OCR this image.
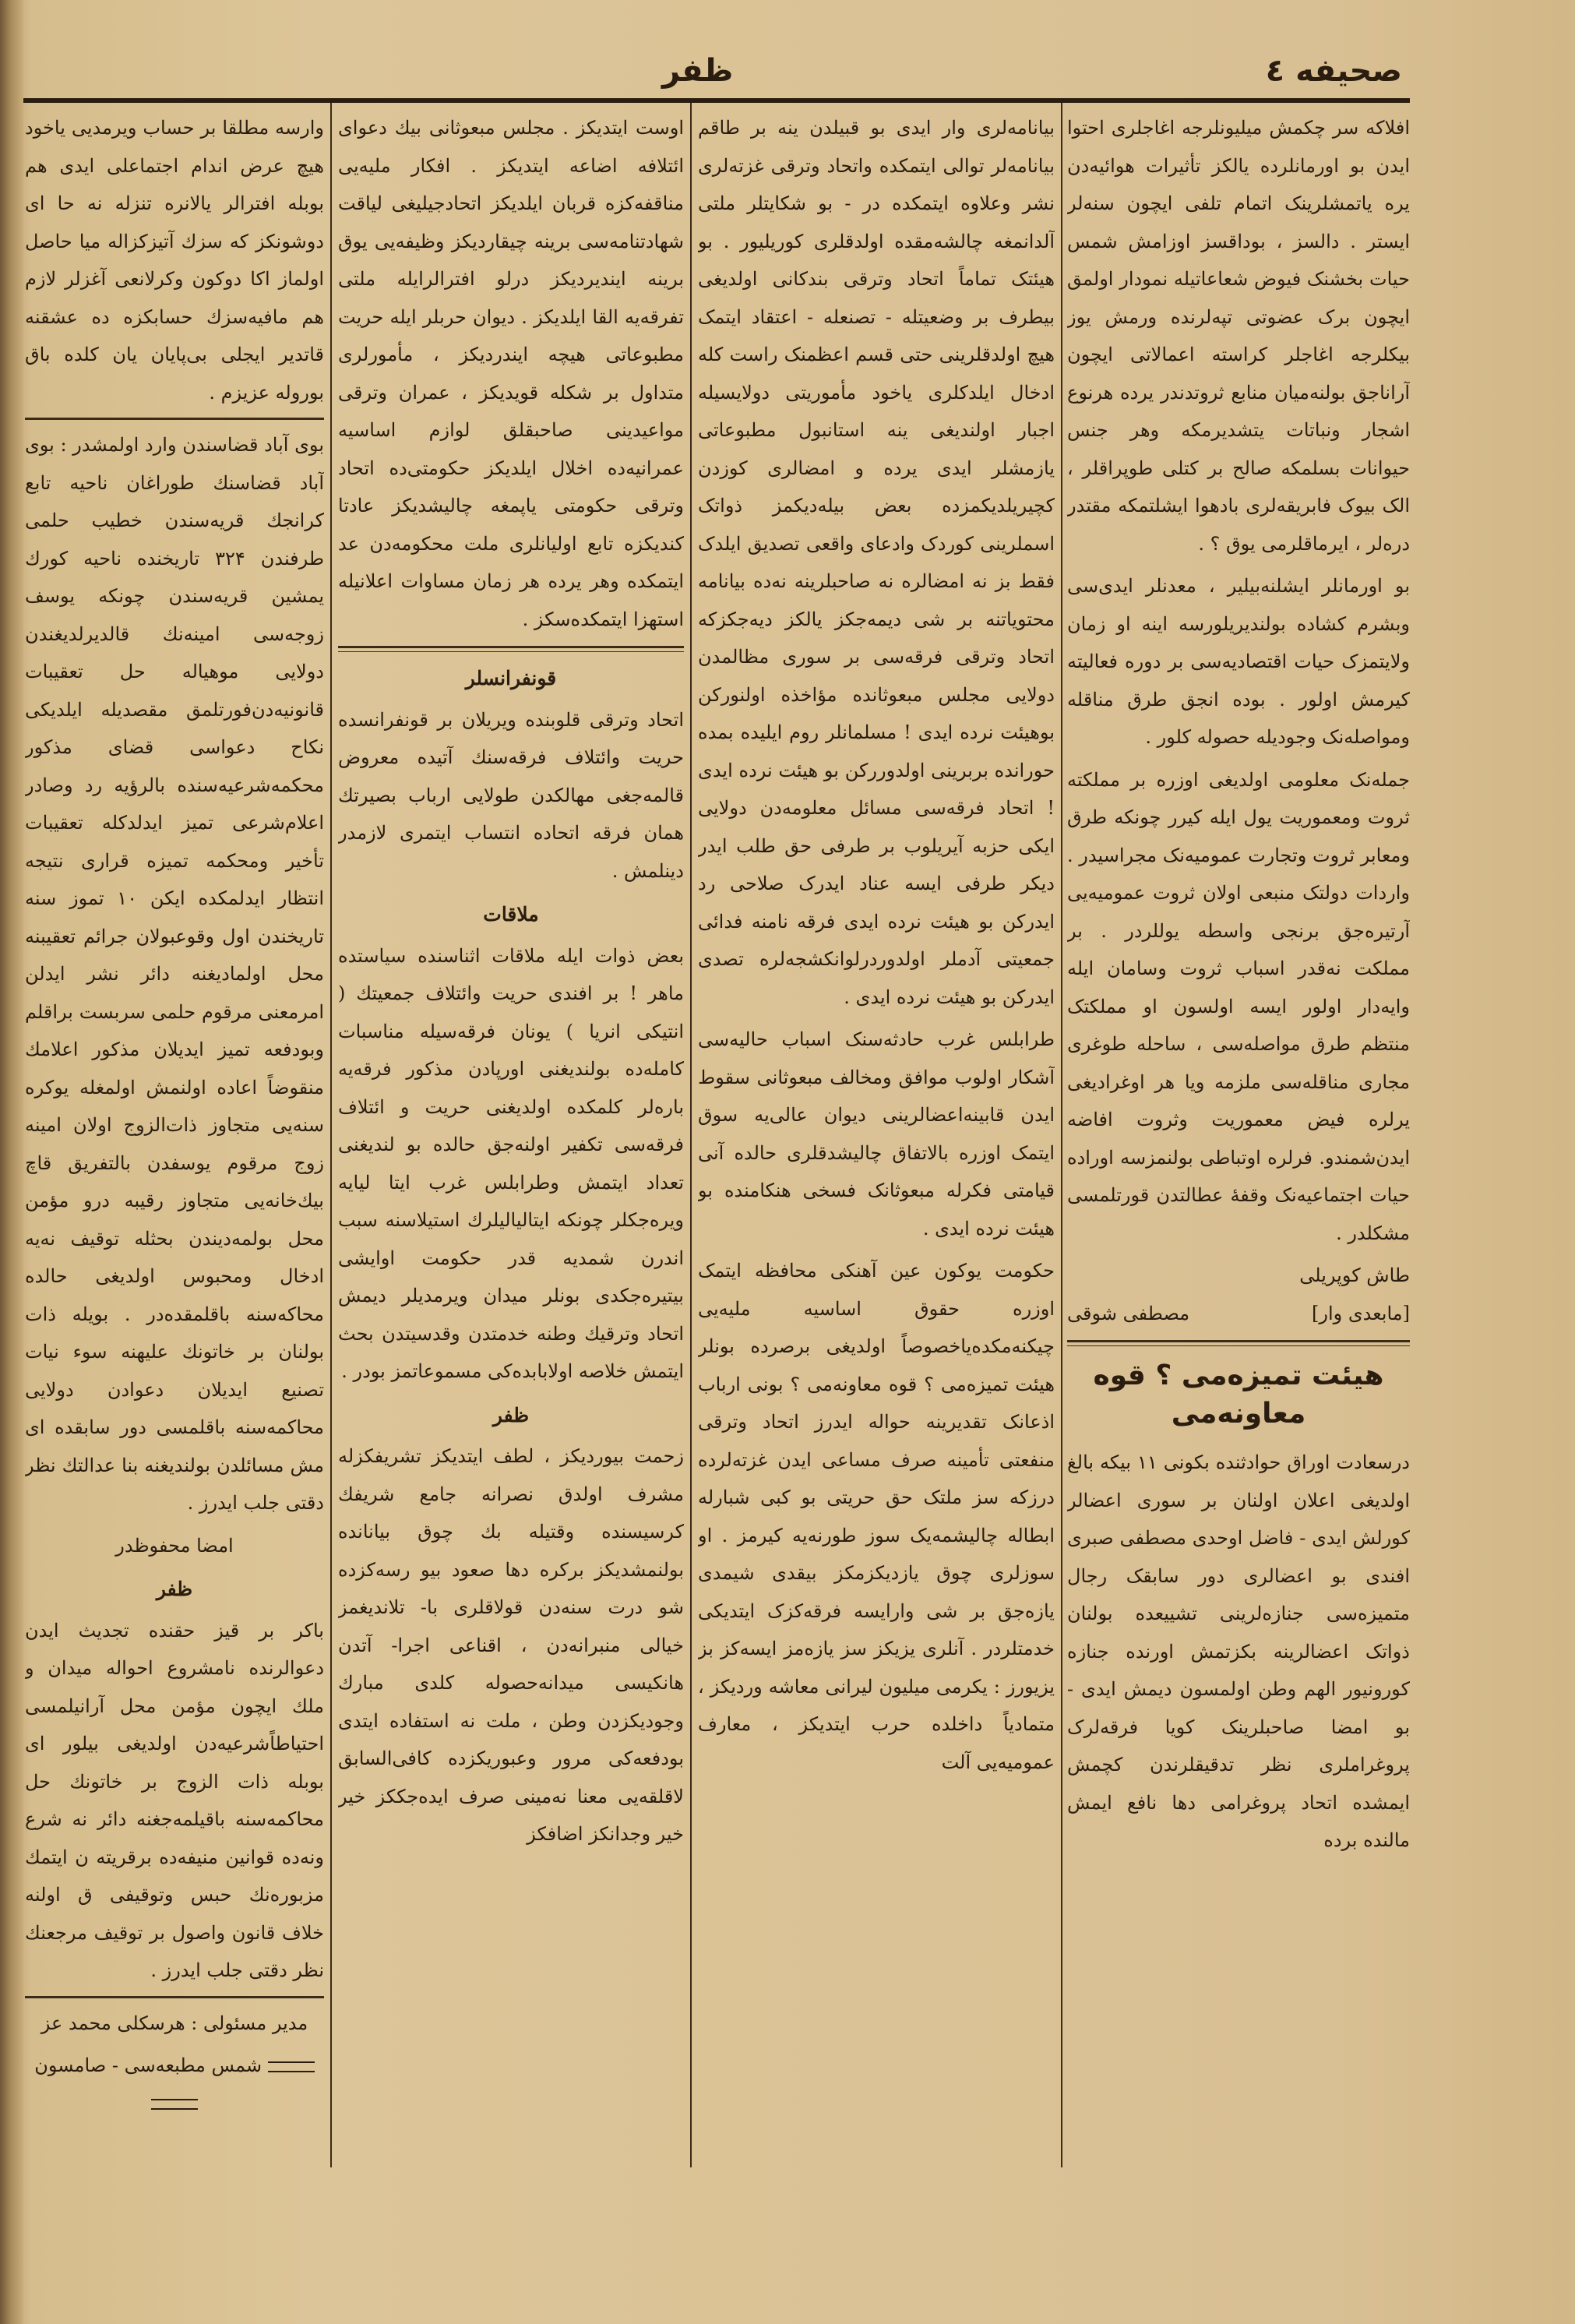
صحیفه ٤
ظفر

افلاکه سر چکمش میلیونلرجه اغاجلری احتوا ایدن بو اورمانلرده یالکز تأثیرات هوائیه‌دن یره یاتمشلرینک اتمام تلفی ایچون سنه‌لر ایستر . دالسز ، بوداقسز اوزامش شمس حیات بخشنک فیوض شعاعاتیله نمودار اولمق ایچون برک عضوتی تپه‌لرنده ورمش یوز بیکلرجه اغاجلر کراسته اعمالاتی ایچون آراناجق بولنه‌میان منابع ثروتدندر یرده هرنوع اشجار ونباتات یتشدیرمکه وهر جنس حیوانات بسلمکه صالح بر کتلی طوپراقلر ، الک بیوک فابریقه‌لری بادهوا ایشلتمکه مقتدر دره‌لر ، ایرماقلرمی یوق ؟ .

بو اورمانلر ایشلنه‌بیلیر ، معدنلر ایدی‌سی وبشرم کشاده بولندیریلورسه اینه او زمان ولایتمزک حیات اقتصادیه‌سی بر دوره فعالیته کیرمش اولور . بوده انجق طرق مناقله ومواصله‌نک وجودیله حصوله کلور .

جمله‌نک معلومی اولدیغی اوزره بر مملکته ثروت ومعموریت یول ایله کیرر چونکه طرق ومعابر ثروت وتجارت عمومیه‌نک مجراسیدر . واردات دولتک منبعی اولان ثروت عمومیه‌یی آرتیره‌جق برنجی واسطه یوللردر . بر مملکت نه‌قدر اسباب ثروت وسامان ایله وایه‌دار اولور ایسه اولسون او مملکتک منتظم طرق مواصله‌سی ، ساحله طوغری مجاری مناقله‌سی ملزمه ویا هر اوغرادیغی یرلره فیض معموریت وثروت افاضه ایدن‌شمندو. فرلره اوتباطی بولنمزسه اوراده حیات اجتماعیه‌نک وقفهٔ عطالتدن قورتلمسی مشکلدر .

طاش کوپریلی
[مابعدی وار]
مصطفی شوقی
هیئت تمیزه‌می ؟ قوه معاونه‌می

درسعادت اوراق حوادثنده بکونی ۱۱ بیکه بالغ اولدیغی اعلان اولنان بر سوری اعضالر کورلش ایدی - فاضل اوحدی مصطفی صبری افندی بو اعضالری دور سابقک رجال متمیزه‌سی جنازه‌لرینی تشییعده بولنان ذواتک اعضالرینه بکزتمش اورنده جنازه کورونیور الهم وطن اولمسون دیمش ایدی - بو امضا صاحبلرینک کویا فرقه‌لرک پروغراملری نظر تدقیقلرندن کچمش ایمشده اتحاد پروغرامی دها نافع ایمش مالنده برده

بیانامه‌لری وار ایدی بو قبیلدن ینه بر طاقم بیانامه‌لر توالی ایتمکده واتحاد وترقی غزته‌لری نشر وعلاوه ایتمکده در - بو شکایتلر ملتی آلدانمغه چالشه‌مقده اولدقلری کوریلیور . بو هیئتک تماماً اتحاد وترقی بندکانی اولدیغی بیطرف بر وضعیتله - تصنعله - اعتقاد ایتمک هیچ اولدقلرینی حتی قسم اعظمنک راست کله ادخال ایلدکلری یاخود مأموریتی دولایسیله اجبار اولندیغی ینه استانبول مطبوعاتی یازمشلر ایدی یرده و امضالری کوزدن کچیریلدیکمزده بعض بیله‌دیکمز ذواتک اسملرینی کوردک وادعای واقعی تصدیق ایلدک فقط بز نه امضالره نه صاحبلرینه نه‌ده بیانامه محتویاتنه بر شی دیمه‌جکز یالکز دیه‌جکزکه اتحاد وترقی فرقه‌سی بر سوری مظالمدن دولایی مجلس مبعوثانده مؤاخذه اولنورکن بوهیئت نرده ایدی ! مسلمانلر روم ایلیده بمده حورانده بربرینی اولدوررکن بو هیئت نرده ایدی ! اتحاد فرقه‌سی مسائل معلومه‌دن دولایی ایکی حزبه آیریلوب بر طرفی حق طلب ایدر دیکر طرفی ایسه عناد ایدرک صلاحی رد ایدرکن بو هیئت نرده ایدی فرقه نامنه فدائی جمعیتی آدملر اولدوردرلوانکشجه‌لره تصدی ایدرکن بو هیئت نرده ایدی .

طرابلس غرب حادثه‌سنک اسباب حالیه‌سی آشکار اولوب موافق ومخالف مبعوثانی سقوط ایدن قابینه‌اعضالرینی دیوان عالی‌یه سوق ایتمک اوزره بالاتفاق چالیشدقلری حالده آنی قیامتی فکرله مبعوثانک فسخی هنکامنده بو هیئت نرده ایدی .

حکومت یوکون عین آهنکی محافظه ایتمک اوزره حقوق اساسیه ملیه‌یی چیکنه‌مکده‌یاخصوصاً اولدیغی برصرده بونلر هیئت تمیزه‌می ؟ قوه معاونه‌می ؟ بونی ارباب اذعانک تقدیرینه حواله ایدرز اتحاد وترقی منفعتی تأمینه صرف مساعی ایدن غزته‌لرده درزکه سز ملتک حق حریتی بو کبی شبارله ابطاله چالیشمه‌یک سوز طورنه‌یه کیرمز . او سوزلری چوق یازدیکزمکز بیقدی شیمدی یازه‌جق بر شی وارایسه فرقه‌کزک ایتدیکی خدمتلردر . آنلری یزیکز سز یازه‌مز ایسه‌کز بز یزیورز : یکرمی میلیون لیرانی معاشه وردیکز ، متمادیاً داخلده حرب ایتدیکز ، معارف عمومیه‌یی آلت

اوست ایتدیکز . مجلس مبعوثانی بیك دعوای ائتلافه اضاعه ایتدیکز . افکار ملیه‌یی مناقفه‌کزه قربان ایلدیکز اتحادجیلیغی لیاقت شهادتنامه‌سی برینه چیقاردیکز وظیفه‌یی یوق برینه ایندیردیکز درلو افترالرایله ملتی تفرقه‌یه القا ایلدیکز . دیوان حربلر ایله حریت مطبوعاتی هیچه ایندردیکز ، مأمورلری متداول بر شکله قویدیکز ، عمران وترقی مواعیدینی صاحبقلق لوازم اساسیه عمرانیه‌ده اخلال ایلدیکز حکومتی‌ده اتحاد وترقی حکومتی یاپمغه چالیشدیکز عادتا کندیکزه تابع اولیانلری ملت محکومه‌دن عد ایتمکده وهر یرده هر زمان مساوات اعلانیله استهزا ایتمکده‌سکز .

قونفرانسلر

اتحاد وترقی قلوبنده ویریلان بر قونفرانسده حریت وائتلاف فرقه‌سنك آتیده معروض قالمه‌جغی مهالکدن طولایی ارباب بصیرتك همان فرقه اتحاده انتساب ایتمری لازمدر دینلمش .

ملاقات

بعض ذوات ایله ملاقات اثناسنده سیاستده ماهر ! بر افندی حریت وائتلاف جمعیتك ( انتیکی انریا ) یونان فرقه‌سیله مناسبات کامله‌ده بولندیغنی اورپادن مذکور فرقه‌یه باره‌لر کلمکده اولدیغنی حریت و ائتلاف فرقه‌سی تکفیر اولنه‌جق حالده بو لندیغنی تعداد ایتمش وطرابلس غرب ایتا لیایه ویره‌جکلر چونکه ایتالیالیلرك استیلاسنه سبب اندرن شمدیه قدر حکومت اوایشی بیتیره‌جکدی بونلر میدان ویرمدیلر دیمش اتحاد وترقیك وطنه خدمتدن وقدسیتدن بحث ایتمش خلاصه اولابابده‌کی مسموعاتمز بودر .

ظفر

زحمت بیوردیکز ، لطف ایتدیکز تشریفکزله مشرف اولدق نصرانه جامع شریفك کرسیسنده وقتیله بك چوق بیانانده بولنمشدیکز برکره دها صعود بیو رسه‌کزده شو درت سنه‌دن قولاقلری با- تلاندیغمز خیالی منبرانه‌دن ، اقناعی اجرا- آتدن هانکیسی میدانه‌حصوله کلدی مبارك وجودیکزدن وطن ، ملت نه استفاده ایتدی بودفعه‌کی مرور وعبوریکزده کافی‌السابق لاقلقه‌یی معنا نه‌مینی صرف ایده‌جککز خیر خیر وجدانکز اضافکز

وارسه مطلقا بر حساب ویرمدیی یاخود هیچ عرض اندام اجتماعلی ایدی هم بوبله افترالر یالانره تنزله نه حا ای دوشونکز که سزك آتیزکزاله میا حاصل اولماز اکا دوکون وکرلانعی آغزلر لازم هم مافیه‌سزك حسابکزه ده عشقنه قاتدیر ایجلی بی‌پایان یان کلده باق بوروله عزیزم .

بوی آباد قضاسندن وارد اولمشدر : بوی آباد قضاسنك طوراغان ناحیه تابع کرانجك قریه‌سندن خطیب حلمی طرفندن ۳۲۴ تاریخنده ناحیه کورك یمشین قریه‌سندن چونکه یوسف زوجه‌سی امینه‌نك قالدیرلدیغندن دولایی موهیاله حل تعقیبات قانونیه‌دن‌فورتلمق مقصدیله ایلدیکی نکاح دعواسی قضای مذکور محکمه‌شرعیه‌سنده بالرؤیه رد وصادر اعلام‌شرعی تمیز ایدلدکله تعقیبات تأخیر ومحکمه تمیزه قراری نتیجه انتظار ایدلمکده ایکن ۱۰ تموز سنه تاریخندن اول وقوعبولان جرائم تعقیبنه محل اولمادیغنه دائر نشر ایدلن امرمعنی مرقوم حلمی سربست براقلم وبودفعه تمیز ایدیلان مذکور اعلامك منقوضاً اعاده اولنمش اولمغله یوکره سنه‌یی متجاوز ذات‌الزوج اولان امینه زوج مرقوم یوسفدن بالتفریق قاچ بیك‌خانه‌یی متجاوز رقیبه درو مؤمن محل بولمه‌دیندن بحثله توقیف نه‌یه ادخال ومحبوس اولدیغی حالده محاکه‌سنه باقلمقده‌در . بویله ذات بولنان بر خاتونك علیهنه سوء نیات تصنیع ایدیلان دعوادن دولایی محاکمه‌سنه باقلمسی دور سابقده ای مش مسائلدن بولندیغنه بنا عدالتك نظر دقتی جلب ایدرز .

امضا محفوظدر

ظفر

باکر بر قیز حقنده تجدیث ایدن دعوالرنده نامشروع احواله میدان و ملك ایچون مؤمن محل آرانیلمسی احتیاطاًشرعیه‌دن اولدیغی بیلور ای بوبله ذات الزوج بر خاتونك حل محاکمه‌سنه باقیلمه‌جغنه دائر نه شرع ونه‌ده قوانین منیفه‌ده برقریته ن ایتمك مزبوره‌نك حبس وتوقیفی ق اولنه خلاف قانون واصول بر توقیف مرجعنك نظر دقتی جلب ایدرز .

مدیر مسئولی : هرسکلی محمد عز

شمس مطبعه‌سی - صامسون
